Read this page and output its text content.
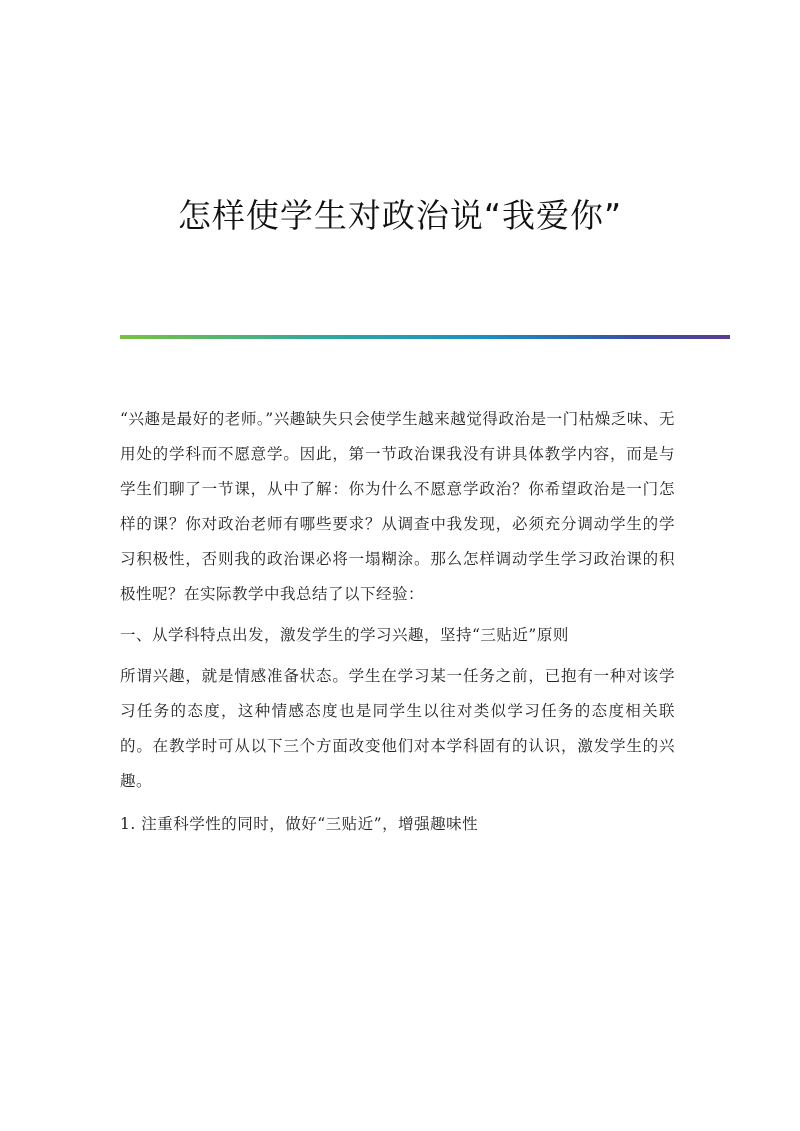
怎样使学生对政治说“我爱你”

“兴趣是最好的老师。”兴趣缺失只会使学生越来越觉得政治是一门枯燥乏味、无用处的学科而不愿意学。因此，第一节政治课我没有讲具体教学内容，而是与学生们聊了一节课，从中了解：你为什么不愿意学政治？你希望政治是一门怎样的课？你对政治老师有哪些要求？从调查中我发现，必须充分调动学生的学习积极性，否则我的政治课必将一塌糊涂。那么怎样调动学生学习政治课的积极性呢？在实际教学中我总结了以下经验：

一、从学科特点出发，激发学生的学习兴趣，坚持“三贴近”原则

所谓兴趣，就是情感准备状态。学生在学习某一任务之前，已抱有一种对该学习任务的态度，这种情感态度也是同学生以往对类似学习任务的态度相关联的。在教学时可从以下三个方面改变他们对本学科固有的认识，激发学生的兴趣。

1. 注重科学性的同时，做好“三贴近”，增强趣味性
